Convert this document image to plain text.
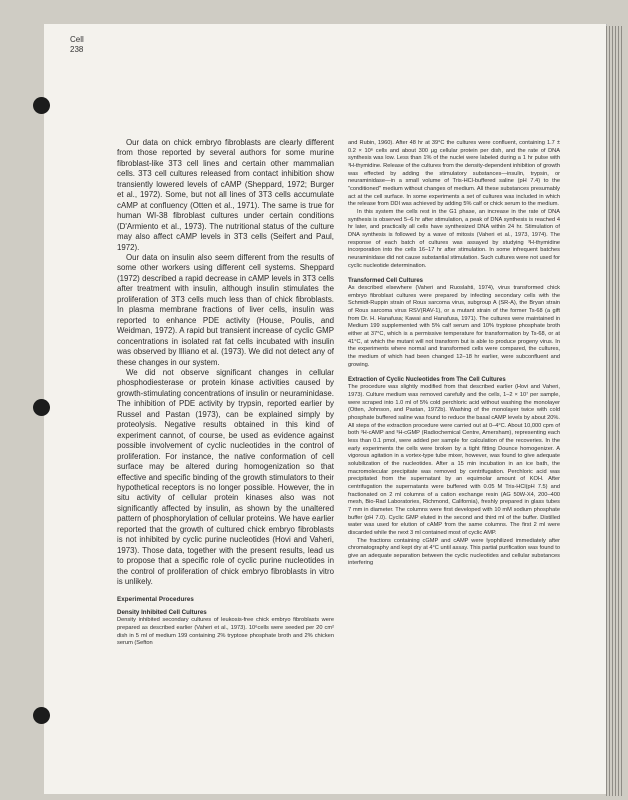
Cell
238

Our data on chick embryo fibroblasts are clearly different from those reported by several authors for some murine fibroblast-like 3T3 cell lines and certain other mammalian cells. 3T3 cell cultures released from contact inhibition show transiently lowered levels of cAMP (Sheppard, 1972; Burger et al., 1972). Some, but not all lines of 3T3 cells accumulate cAMP at confluency (Otten et al., 1971). The same is true for human WI-38 fibroblast cultures under certain conditions (D'Armiento et al., 1973). The nutritional status of the culture may also affect cAMP levels in 3T3 cells (Seifert and Paul, 1972).

Our data on insulin also seem different from the results of some other workers using different cell systems. Sheppard (1972) described a rapid decrease in cAMP levels in 3T3 cells after treatment with insulin, although insulin stimulates the proliferation of 3T3 cells much less than of chick fibroblasts. In plasma membrane fractions of liver cells, insulin was reported to enhance PDE activity (House, Poulis, and Weidman, 1972). A rapid but transient increase of cyclic GMP concentrations in isolated rat fat cells incubated with insulin was observed by Illiano et al. (1973). We did not detect any of these changes in our system.

We did not observe significant changes in cellular phosphodiesterase or protein kinase activities caused by growth-stimulating concentrations of insulin or neuraminidase. The inhibition of PDE activity by trypsin, reported earlier by Russel and Pastan (1973), can be explained simply by proteolysis. Negative results obtained in this kind of experiment cannot, of course, be used as evidence against possible involvement of cyclic nucleotides in the control of proliferation. For instance, the native conformation of cell surface may be altered during homogenization so that effective and specific binding of the growth stimulators to their hypothetical receptors is no longer possible. However, the in situ activity of cellular protein kinases also was not significantly affected by insulin, as shown by the unaltered pattern of phosphorylation of cellular proteins. We have earlier reported that the growth of cultured chick embryo fibroblasts is not inhibited by cyclic purine nucleotides (Hovi and Vaheri, 1973). Those data, together with the present results, lead us to propose that a specific role of cyclic purine nucleotides in the control of proliferation of chick embryo fibroblasts in vitro is unlikely.

Experimental Procedures
Density Inhibited Cell Cultures

Density inhibited secondary cultures of leukosis-free chick embryo fibroblasts were prepared as described earlier (Vaheri et al., 1973). 10⁶cells were seeded per 20 cm² dish in 5 ml of medium 199 containing 2% tryptose phosphate broth and 2% chicken serum (Sefton

and Rubin, 1960). After 48 hr at 39°C the cultures were confluent, containing 1.7 ± 0.2 × 10⁶ cells and about 300 µg cellular protein per dish, and the rate of DNA synthesis was low. Less than 1% of the nuclei were labeled during a 1 hr pulse with ³H-thymidine. Release of the cultures from the density-dependent inhibition of growth was effected by adding the stimulatory substances—insulin, trypsin, or neuraminidase—in a small volume of Tris-HCl-buffered saline (pH 7.4) to the "conditioned" medium without changes of medium. All these substances presumably act at the cell surface. In some experiments a set of cultures was included in which the release from DDI was achieved by adding 5% calf or chick serum to the medium.

In this system the cells rest in the G1 phase, an increase in the rate of DNA synthesis is observed 5–6 hr after stimulation, a peak of DNA synthesis is reached 4 hr later, and practically all cells have synthesized DNA within 24 hr. Stimulation of DNA synthesis is followed by a wave of mitosis (Vaheri et al., 1973, 1974). The response of each batch of cultures was assayed by studying ³H-thymidine incorporation into the cells 16–17 hr after stimulation. In some infrequent batches neuraminidase did not cause substantial stimulation. Such cultures were not used for cyclic nucleotide determination.

Transformed Cell Cultures

As described elsewhere (Vaheri and Ruoslahti, 1974), virus transformed chick embryo fibroblast cultures were prepared by infecting secondary cells with the Schmidt-Ruppin strain of Rous sarcoma virus, subgroup A (SR-A), the Bryan strain of Rous sarcoma virus RSV(RAV-1), or a mutant strain of the former Ts-68 (a gift from Dr. H. Hanafusa; Kawai and Hanafusa, 1971). The cultures were maintained in Medium 199 supplemented with 5% calf serum and 10% tryptose phosphate broth either at 37°C, which is a permissive temperature for transformation by Ts-68, or at 41°C, at which the mutant will not transform but is able to produce progeny virus. In the experiments where normal and transformed cells were compared, the cultures, the medium of which had been changed 12–18 hr earlier, were subconfluent and growing.

Extraction of Cyclic Nucleotides from The Cell Cultures

The procedure was slightly modified from that described earlier (Hovi and Vaheri, 1973). Culture medium was removed carefully and the cells, 1–2 × 10⁷ per sample, were scraped into 1.0 ml of 5% cold perchloric acid without washing the monolayer (Otten, Johnson, and Pastan, 1972b). Washing of the monolayer twice with cold phosphate buffered saline was found to reduce the basal cAMP levels by about 20%. All steps of the extraction procedure were carried out at 0–4°C. About 10,000 cpm of both ³H-cAMP and ³H-cGMP (Radiochemical Centre, Amersham), representing each less than 0.1 pmol, were added per sample for calculation of the recoveries. In the early experiments the cells were broken by a tight fitting Dounce homogenizer. A vigorous agitation in a vortex-type tube mixer, however, was found to give adequate solubilization of the nucleotides. After a 15 min incubation in an ice bath, the macromolecular precipitate was removed by centrifugation. Perchloric acid was precipitated from the supernatant by an equimolar amount of KOH. After centrifugation the supernatants were buffered with 0.05 M Tris-HCl(pH 7.5) and fractionated on 2 ml columns of a cation exchange resin (AG 50W-X4, 200–400 mesh, Bio-Rad Laboratories, Richmond, California), freshly prepared in glass tubes 7 mm in diameter. The columns were first developed with 10 mM sodium phosphate buffer (pH 7.0). Cyclic GMP eluted in the second and third ml of the buffer. Distilled water was used for elution of cAMP from the same columns. The first 2 ml were discarded while the next 3 ml contained most of cyclic AMP.

The fractions containing cGMP and cAMP were lyophilized immediately after chromatography and kept dry at 4°C until assay. This partial purification was found to give an adequate separation between the cyclic nucleotides and cellular substances interfering
